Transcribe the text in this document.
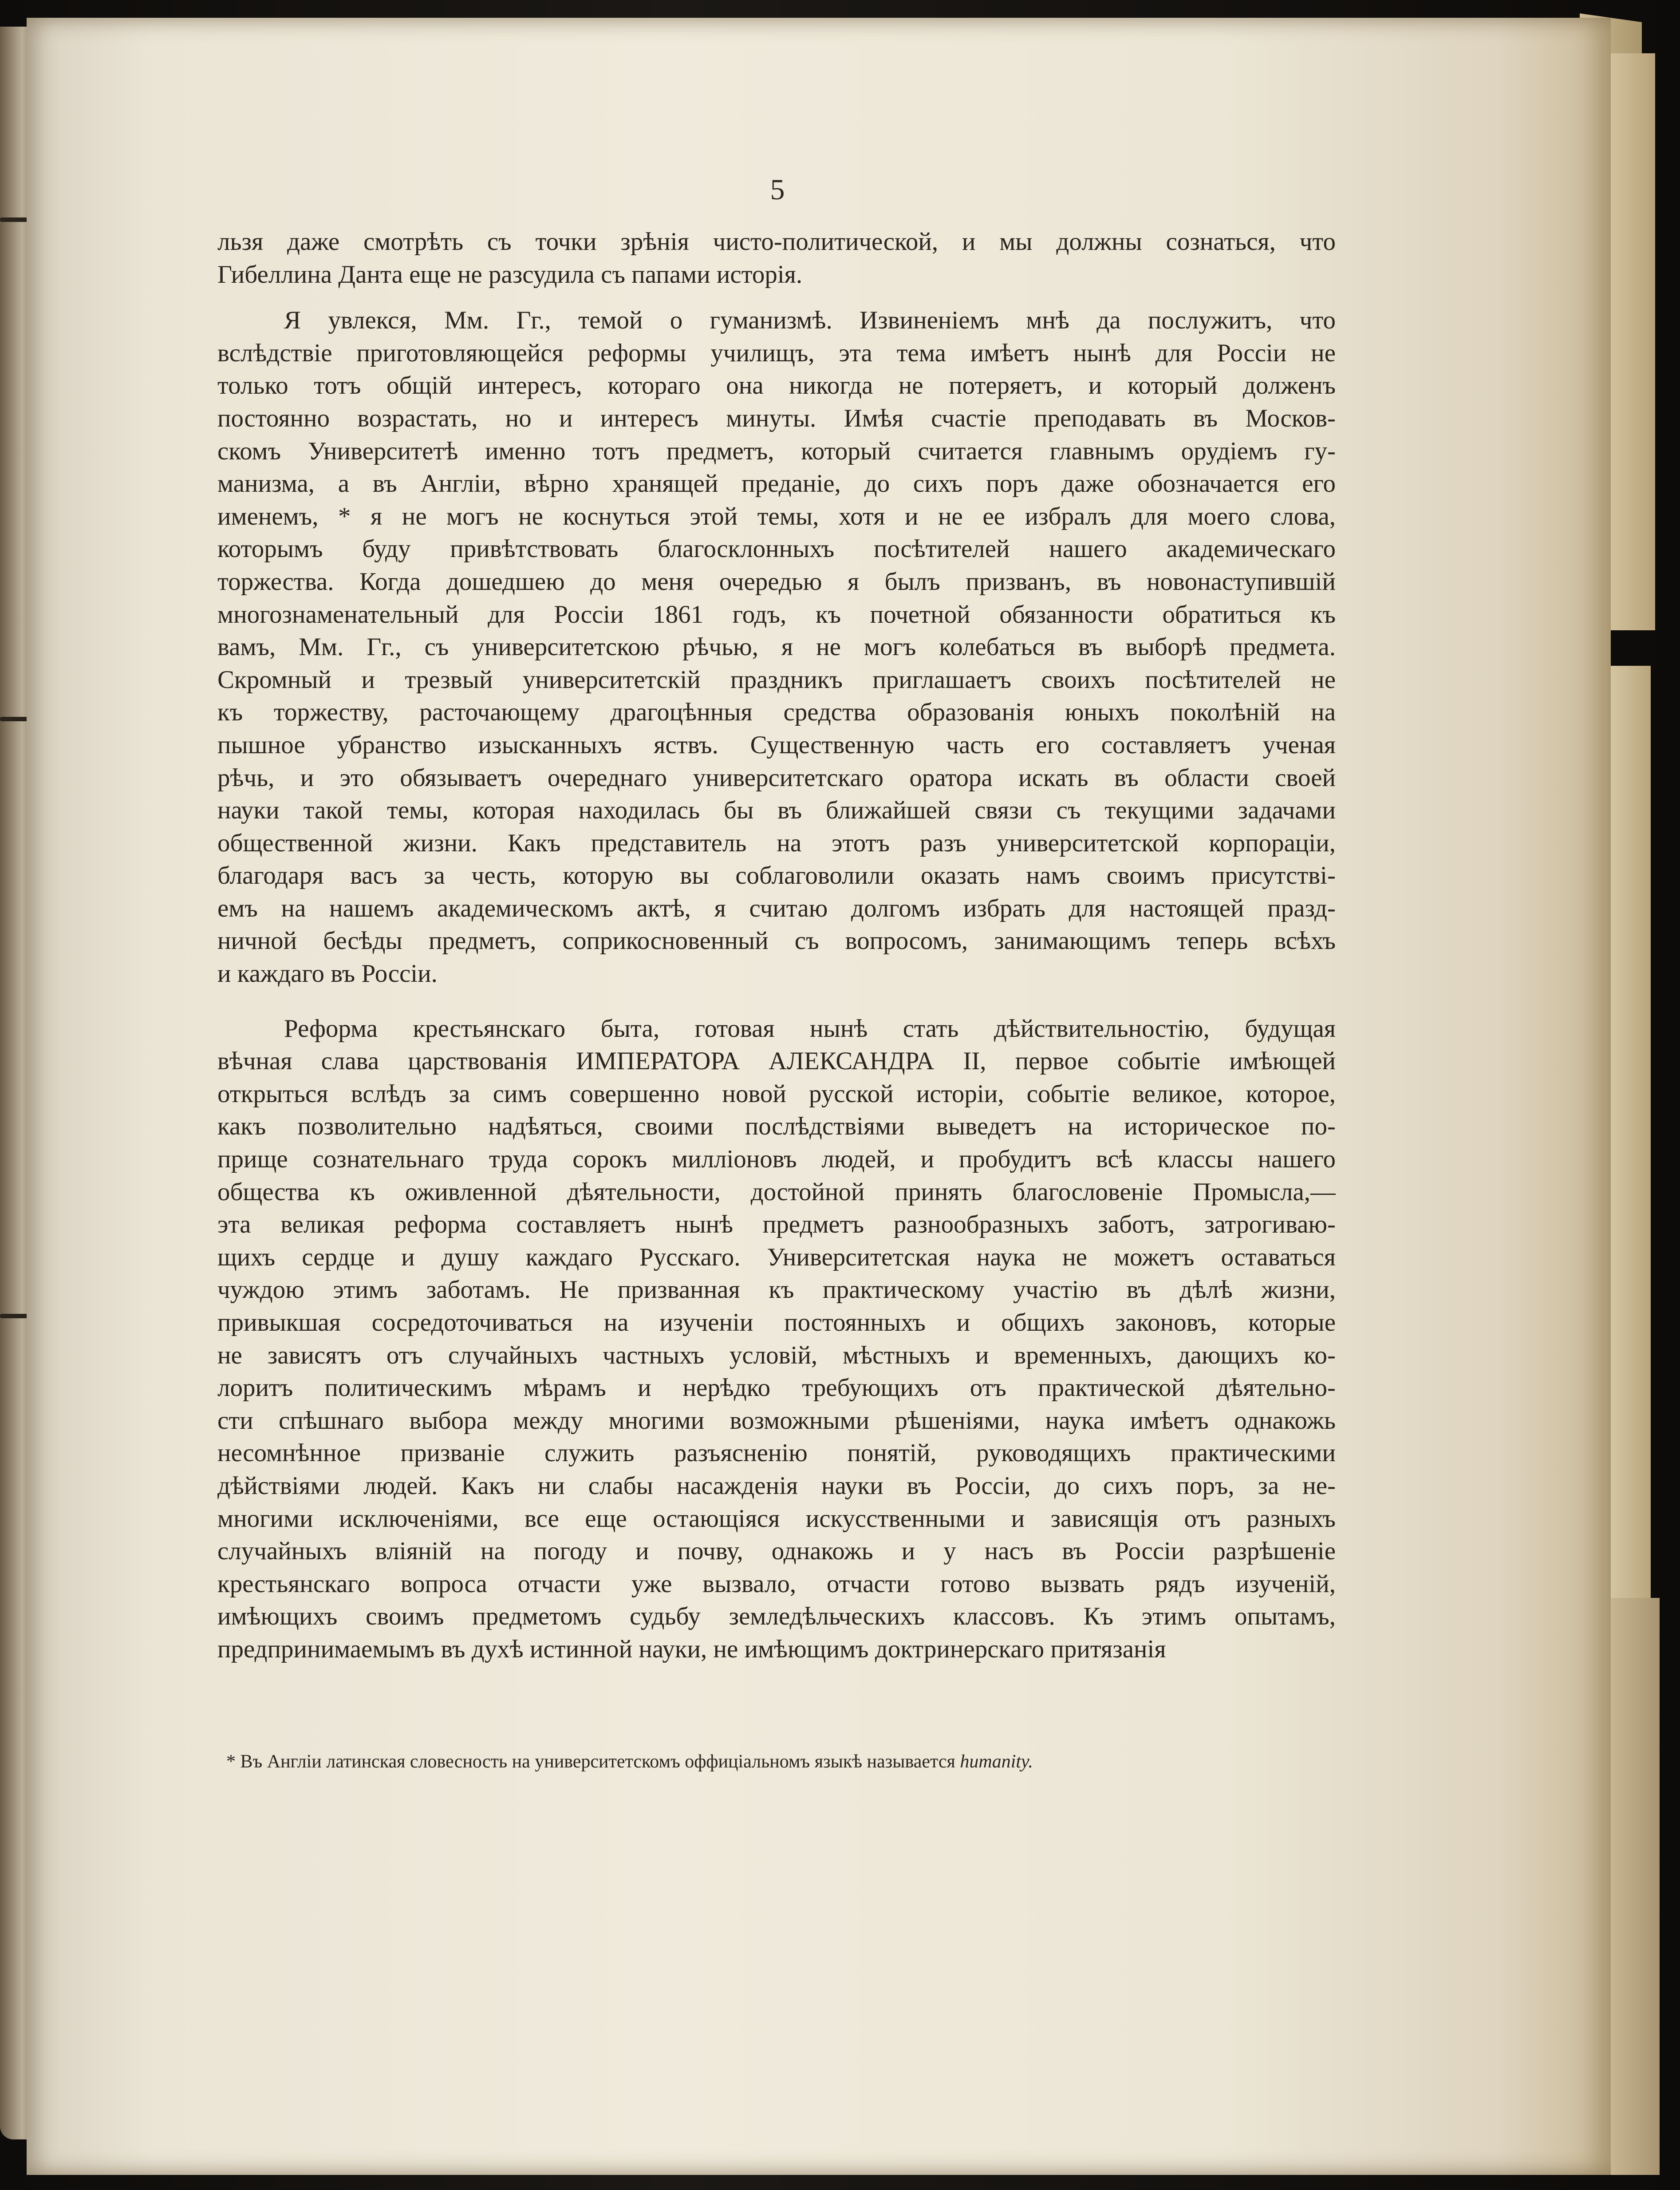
5
льзя даже смотрѣть съ точки зрѣнія чисто-политической, и мы должны сознаться, что
Гибеллина Данта еще не разсудила съ папами исторія.
Я увлекся, Мм. Гг., темой о гуманизмѣ. Извиненіемъ мнѣ да послужитъ, что
вслѣдствіе приготовляющейся реформы училищъ, эта тема имѣетъ нынѣ для Россіи не
только тотъ общій интересъ, котораго она никогда не потеряетъ, и который долженъ
постоянно возрастать, но и интересъ минуты. Имѣя счастіе преподавать въ Москов-
скомъ Университетѣ именно тотъ предметъ, который считается главнымъ орудіемъ гу-
манизма, а въ Англіи, вѣрно хранящей преданіе, до сихъ поръ даже обозначается его
именемъ, * я не могъ не коснуться этой темы, хотя и не ее избралъ для моего слова,
которымъ буду привѣтствовать благосклонныхъ посѣтителей нашего академическаго
торжества. Когда дошедшею до меня очередью я былъ призванъ, въ новонаступившій
многознаменательный для Россіи 1861 годъ, къ почетной обязанности обратиться къ
вамъ, Мм. Гг., съ университетскою рѣчью, я не могъ колебаться въ выборѣ предмета.
Скромный и трезвый университетскій праздникъ приглашаетъ своихъ посѣтителей не
къ торжеству, расточающему драгоцѣнныя средства образованія юныхъ поколѣній на
пышное убранство изысканныхъ яствъ. Существенную часть его составляетъ ученая
рѣчь, и это обязываетъ очереднаго университетскаго оратора искать въ области своей
науки такой темы, которая находилась бы въ ближайшей связи съ текущими задачами
общественной жизни. Какъ представитель на этотъ разъ университетской корпораціи,
благодаря васъ за честь, которую вы соблаговолили оказать намъ своимъ присутстві-
емъ на нашемъ академическомъ актѣ, я считаю долгомъ избрать для настоящей празд-
ничной бесѣды предметъ, соприкосновенный съ вопросомъ, занимающимъ теперь всѣхъ
и каждаго въ Россіи.
Реформа крестьянскаго быта, готовая нынѣ стать дѣйствительностію, будущая
вѣчная слава царствованія ИМПЕРАТОРА АЛЕКСАНДРА II, первое событіе имѣющей
открыться вслѣдъ за симъ совершенно новой русской исторіи, событіе великое, которое,
какъ позволительно надѣяться, своими послѣдствіями выведетъ на историческое по-
прище сознательнаго труда сорокъ милліоновъ людей, и пробудитъ всѣ классы нашего
общества къ оживленной дѣятельности, достойной принять благословеніе Промысла,—
эта великая реформа составляетъ нынѣ предметъ разнообразныхъ заботъ, затрогиваю-
щихъ сердце и душу каждаго Русскаго. Университетская наука не можетъ оставаться
чуждою этимъ заботамъ. Не призванная къ практическому участію въ дѣлѣ жизни,
привыкшая сосредоточиваться на изученіи постоянныхъ и общихъ законовъ, которые
не зависятъ отъ случайныхъ частныхъ условій, мѣстныхъ и временныхъ, дающихъ ко-
лоритъ политическимъ мѣрамъ и нерѣдко требующихъ отъ практической дѣятельно-
сти спѣшнаго выбора между многими возможными рѣшеніями, наука имѣетъ однакожь
несомнѣнное призваніе служить разъясненію понятій, руководящихъ практическими
дѣйствіями людей. Какъ ни слабы насажденія науки въ Россіи, до сихъ поръ, за не-
многими исключеніями, все еще остающіяся искусственными и зависящія отъ разныхъ
случайныхъ вліяній на погоду и почву, однакожь и у насъ въ Россіи разрѣшеніе
крестьянскаго вопроса отчасти уже вызвало, отчасти готово вызвать рядъ изученій,
имѣющихъ своимъ предметомъ судьбу земледѣльческихъ классовъ. Къ этимъ опытамъ,
предпринимаемымъ въ духѣ истинной науки, не имѣющимъ доктринерскаго притязанія
* Въ Англіи латинская словесность на университетскомъ оффиціальномъ языкѣ называется humanity.
